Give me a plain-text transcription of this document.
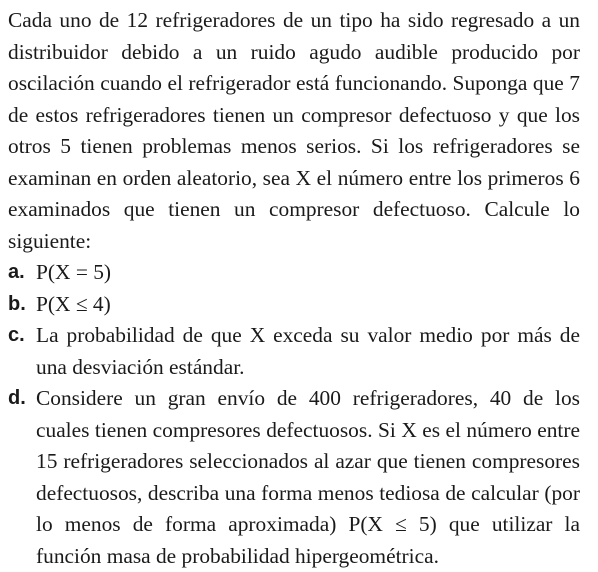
Cada uno de 12 refrigeradores de un tipo ha sido regresado a un distribuidor debido a un ruido agudo audible producido por oscilación cuando el refrigerador está funcionando. Suponga que 7 de estos refrigeradores tienen un compresor defectuoso y que los otros 5 tienen problemas menos serios. Si los refrigeradores se examinan en orden aleatorio, sea X el número entre los primeros 6 examinados que tienen un compresor defectuoso. Calcule lo siguiente:

a. P(X = 5)
b. P(X ≤ 4)
c. La probabilidad de que X exceda su valor medio por más de una desviación estándar.
d. Considere un gran envío de 400 refrigeradores, 40 de los cuales tienen compresores defectuosos. Si X es el número entre 15 refrigeradores seleccionados al azar que tienen compresores defectuosos, describa una forma menos tediosa de calcular (por lo menos de forma aproximada) P(X ≤ 5) que utilizar la función masa de probabilidad hipergeométrica.
